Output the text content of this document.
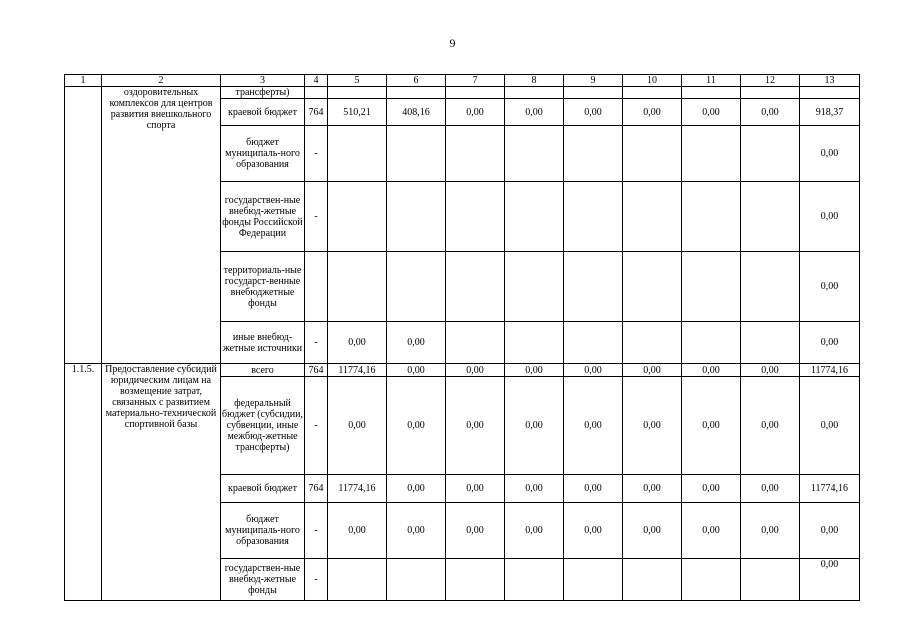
9
1	2	3	4	5	6	7	8	9	10	11	12	13
	оздоровительных комплексов для центров развития внешкольного спорта	трансферты)										
		краевой бюджет	764	510,21	408,16	0,00	0,00	0,00	0,00	0,00	0,00	918,37
		бюджет муниципаль-ного образования	-									0,00
		государствен-ные внебюд-жетные фонды Российской Федерации	-									0,00
		территориаль-ные государст-венные внебюджетные фонды										0,00
		иные внебюд-жетные источники	-	0,00	0,00							0,00
1.1.5.	Предоставление субсидий юридическим лицам на возмещение затрат, связанных с развитием материально-технической спортивной базы	всего	764	11774,16	0,00	0,00	0,00	0,00	0,00	0,00	0,00	11774,16
		федеральный бюджет (субсидии, субвенции, иные межбюд-жетные трансферты)	-	0,00	0,00	0,00	0,00	0,00	0,00	0,00	0,00	0,00
		краевой бюджет	764	11774,16	0,00	0,00	0,00	0,00	0,00	0,00	0,00	11774,16
		бюджет муниципаль-ного образования	-	0,00	0,00	0,00	0,00	0,00	0,00	0,00	0,00	0,00
		государствен-ные внебюд-жетные фонды	-									0,00
